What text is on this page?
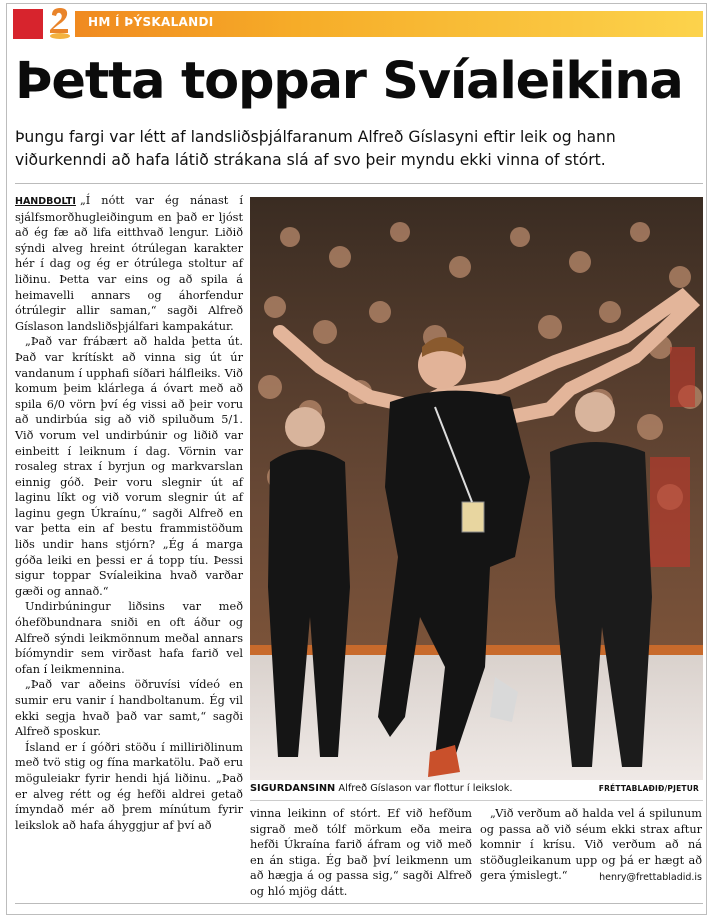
HM Í ÞÝSKALANDI
Þetta toppar Svíaleikina

Þungu fargi var létt af landsliðsþjálfaranum Alfreð Gíslasyni eftir leik og hann viðurkenndi að hafa látið strákana slá af svo þeir myndu ekki vinna of stórt.

HANDBOLTI „Í nótt var ég nánast í sjálfsmorðhugleiðingum en það er ljóst að ég fæ að lifa eitthvað lengur. Liðið sýndi alveg hreint ótrúlegan karakter hér í dag og ég er ótrúlega stoltur af liðinu. Þetta var eins og að spila á heimavelli annars og áhorfendur ótrúlegir allir saman,“ sagði Alfreð Gíslason landsliðsþjálfari kampakátur.

„Það var frábært að halda þetta út. Það var krítískt að vinna sig út úr vandanum í upphafi síðari hálfleiks. Við komum þeim klárlega á óvart með að spila 6/0 vörn því ég vissi að þeir voru að undirbúa sig að við spiluðum 5/1. Við vorum vel undirbúnir og liðið var einbeitt í leiknum í dag. Vörnin var rosaleg strax í byrjun og markvarslan einnig góð. Þeir voru slegnir út af laginu líkt og við vorum slegnir út af laginu gegn Úkraínu,“ sagði Alfreð en var þetta ein af bestu frammistöðum liðs undir hans stjórn? „Ég á marga góða leiki en þessi er á topp tíu. Þessi sigur toppar Svíaleikina hvað varðar gæði og annað.“

Undirbúningur liðsins var með óhefðbundnara sniði en oft áður og Alfreð sýndi leikmönnum meðal annars bíómyndir sem virðast hafa farið vel ofan í leikmennina.

„Það var aðeins öðruvísi vídeó en sumir eru vanir í handboltanum. Ég vil ekki segja hvað það var samt,“ sagði Alfreð sposkur.

Ísland er í góðri stöðu í milliriðlinum með tvö stig og fína markatölu. Það eru möguleiakr fyrir hendi hjá liðinu. „Það er alveg rétt og ég hefði aldrei getað ímyndað mér að þrem mínútum fyrir leikslok að hafa áhyggjur af því að

SIGURDANSINN Alfreð Gíslason var flottur í leikslok.	FRÉTTABLAÐIÐ/PJETUR

vinna leikinn of stórt. Ef við hefðum sigrað með tólf mörkum eða meira hefði Úkraína farið áfram og við með en án stiga. Ég bað því leikmenn um að hægja á og passa sig,“ sagði Alfreð og hló mjög dátt.

„Við verðum að halda vel á spilunum og passa að við séum ekki strax aftur komnir í krísu. Við verðum að ná stöðugleikanum upp og þá er hægt að gera ýmislegt.“	henry@frettabladid.is
